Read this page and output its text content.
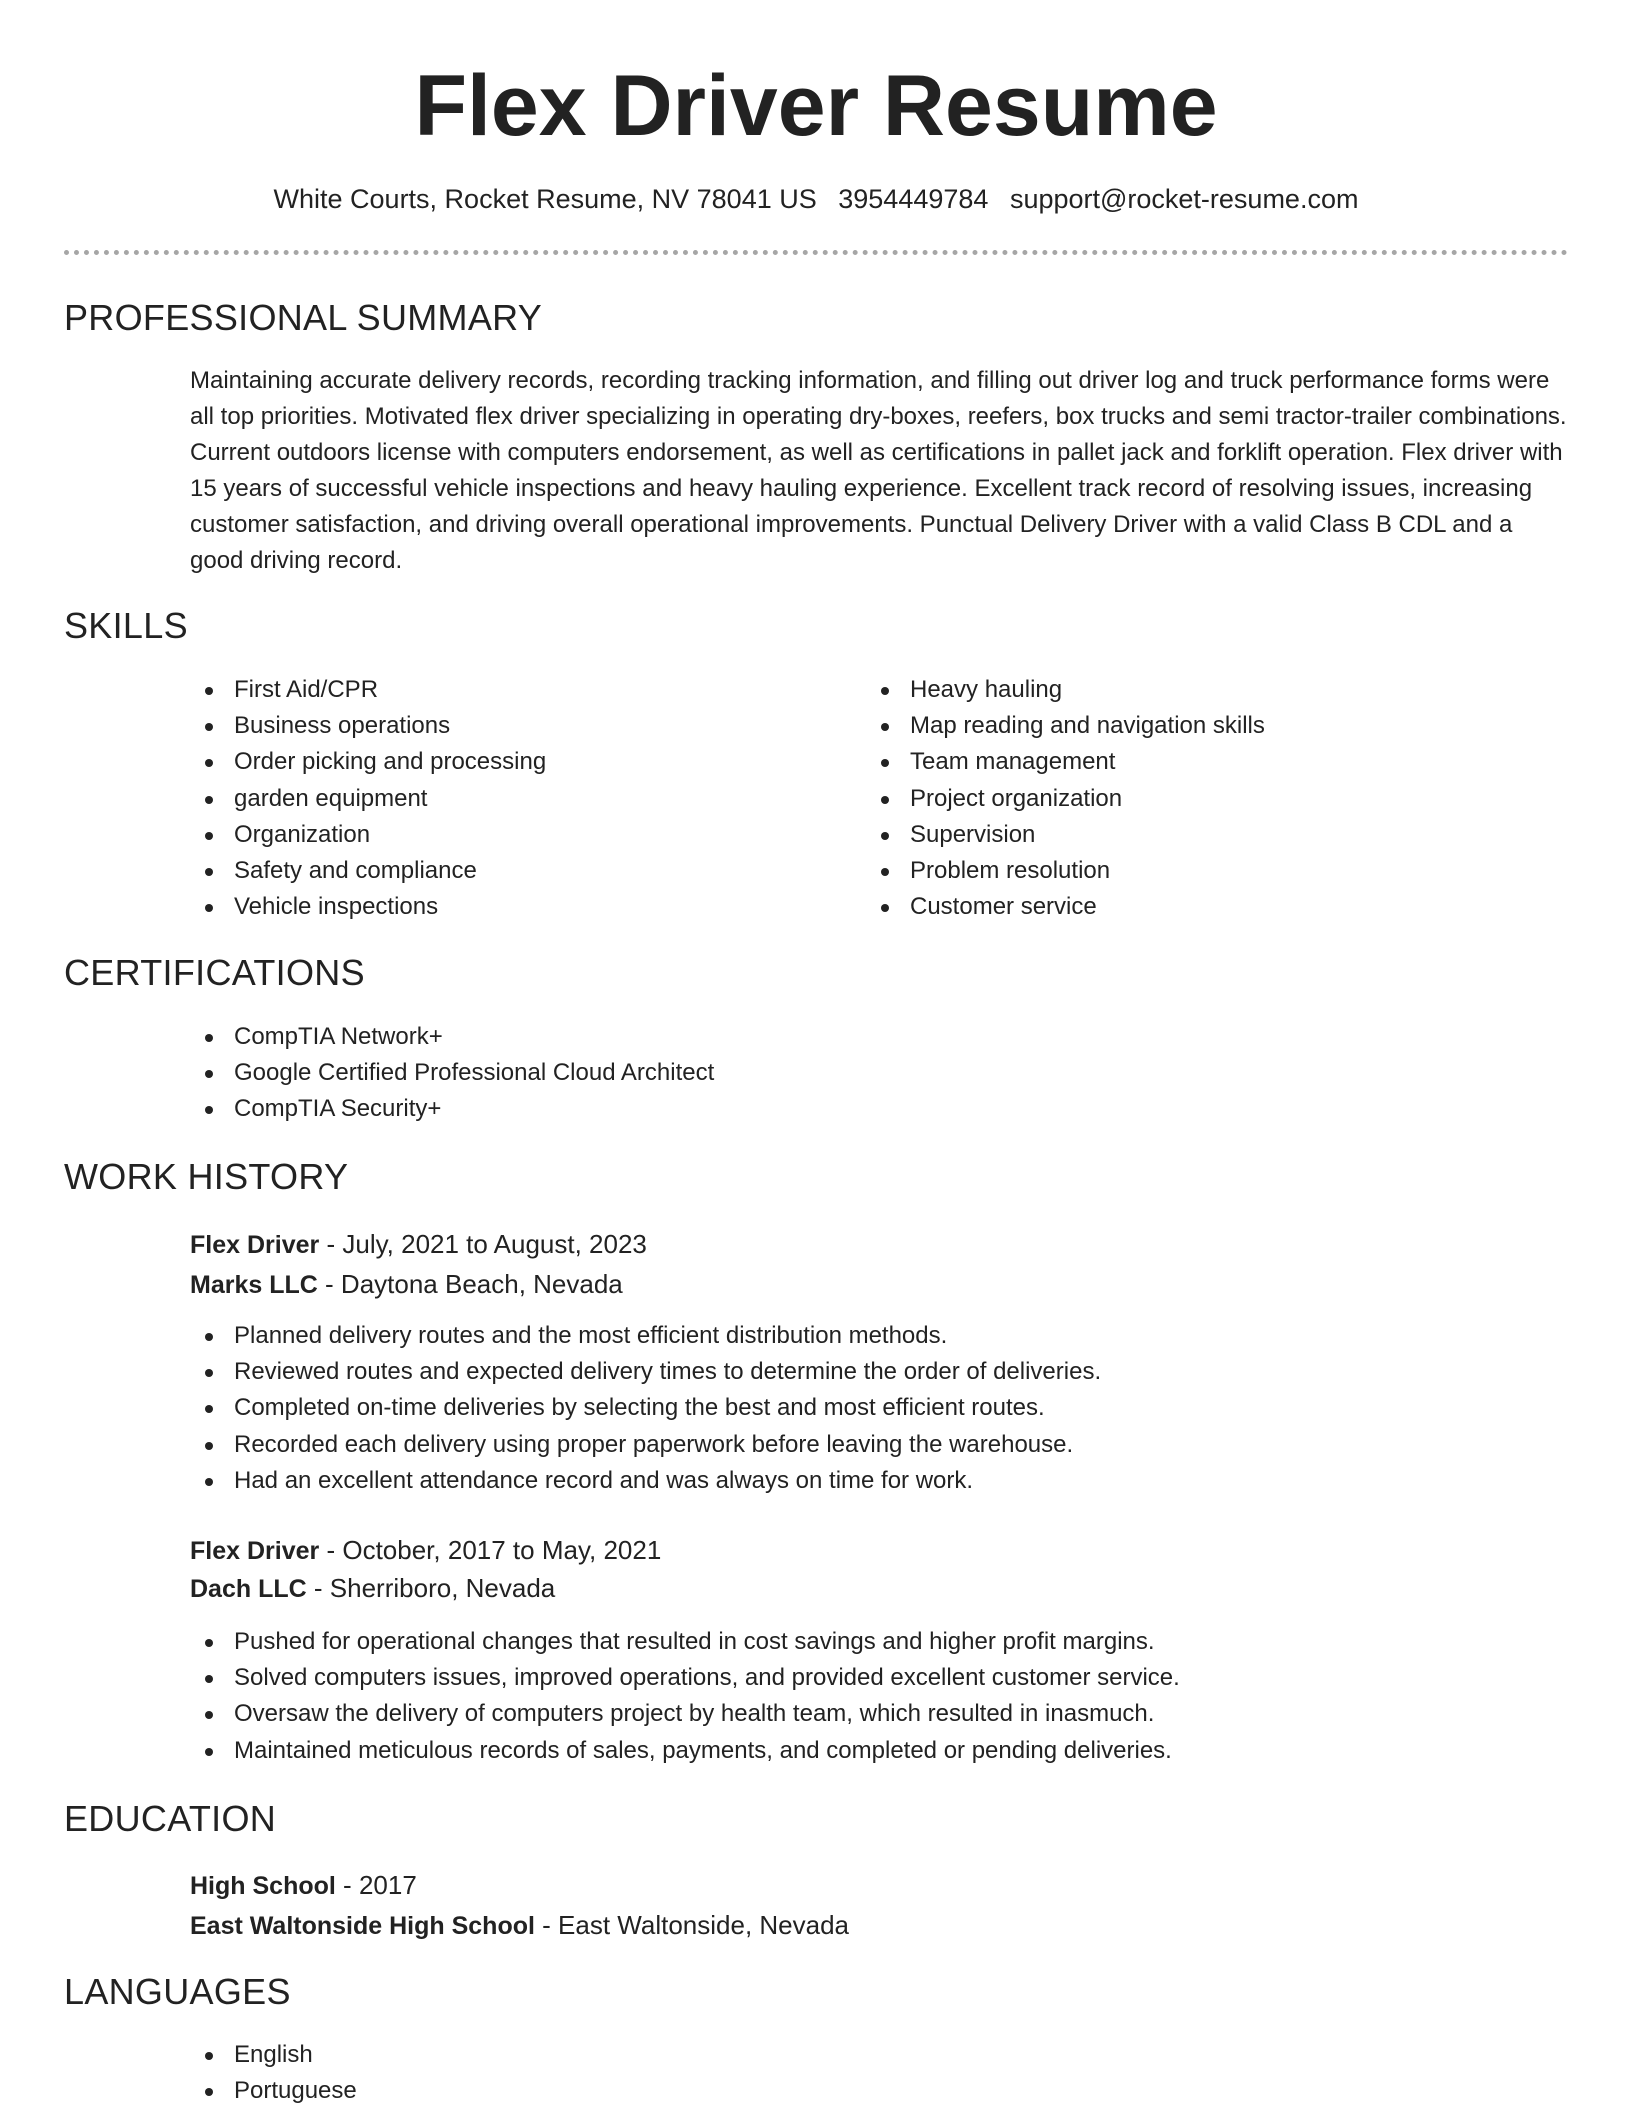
Flex Driver Resume
White Courts, Rocket Resume, NV 78041 US 3954449784 support@rocket-resume.com
PROFESSIONAL SUMMARY
Maintaining accurate delivery records, recording tracking information, and filling out driver log and truck performance forms were all top priorities. Motivated flex driver specializing in operating dry-boxes, reefers, box trucks and semi tractor-trailer combinations. Current outdoors license with computers endorsement, as well as certifications in pallet jack and forklift operation. Flex driver with 15 years of successful vehicle inspections and heavy hauling experience. Excellent track record of resolving issues, increasing customer satisfaction, and driving overall operational improvements. Punctual Delivery Driver with a valid Class B CDL and a good driving record.
SKILLS
First Aid/CPR
Business operations
Order picking and processing
garden equipment
Organization
Safety and compliance
Vehicle inspections
Heavy hauling
Map reading and navigation skills
Team management
Project organization
Supervision
Problem resolution
Customer service
CERTIFICATIONS
CompTIA Network+
Google Certified Professional Cloud Architect
CompTIA Security+
WORK HISTORY
Flex Driver - July, 2021 to August, 2023
Marks LLC - Daytona Beach, Nevada
Planned delivery routes and the most efficient distribution methods.
Reviewed routes and expected delivery times to determine the order of deliveries.
Completed on-time deliveries by selecting the best and most efficient routes.
Recorded each delivery using proper paperwork before leaving the warehouse.
Had an excellent attendance record and was always on time for work.
Flex Driver - October, 2017 to May, 2021
Dach LLC - Sherriboro, Nevada
Pushed for operational changes that resulted in cost savings and higher profit margins.
Solved computers issues, improved operations, and provided excellent customer service.
Oversaw the delivery of computers project by health team, which resulted in inasmuch.
Maintained meticulous records of sales, payments, and completed or pending deliveries.
EDUCATION
High School - 2017
East Waltonside High School - East Waltonside, Nevada
LANGUAGES
English
Portuguese
